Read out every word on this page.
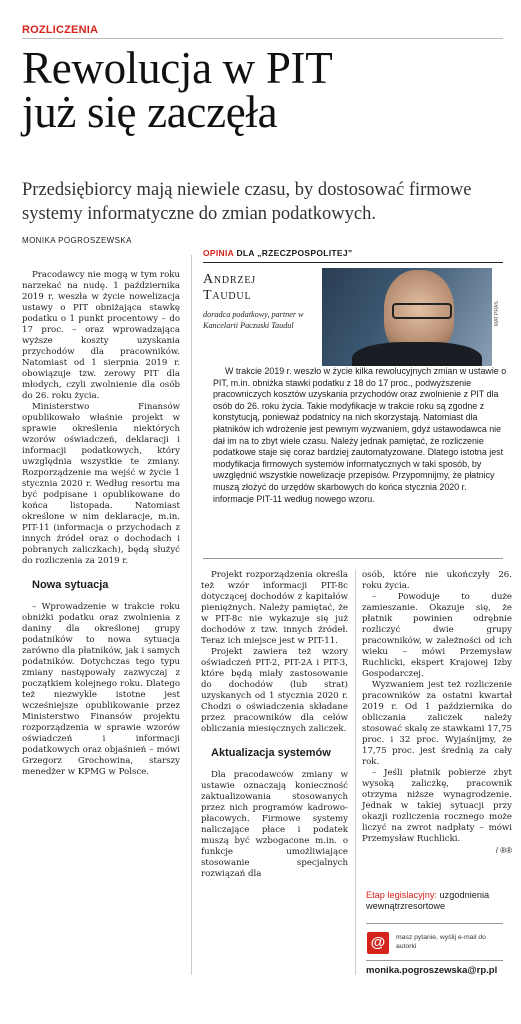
ROZLICZENIA
Rewolucja w PIT
już się zaczęła
Przedsiębiorcy mają niewiele czasu, by dostosować firmowe systemy informatyczne do zmian podatkowych.
MONIKA POGROSZEWSKA

Pracodawcy nie mogą w tym roku narzekać na nudę. 1 października 2019 r. weszła w życie nowelizacja ustawy o PIT obniżająca stawkę podatku o 1 punkt procentowy – do 17 proc. – oraz wprowadzająca wyższe koszty uzyskania przychodów dla pracowników. Natomiast od 1 sierpnia 2019 r. obowiązuje tzw. zerowy PIT dla młodych, czyli zwolnienie dla osób do 26. roku życia.

Ministerstwo Finansów opublikowało właśnie projekt w sprawie określenia niektórych wzorów oświadczeń, deklaracji i informacji podatkowych, który uwzględnia wszystkie te zmiany. Rozporządzenie ma wejść w życie 1 stycznia 2020 r. Według resortu ma być podpisane i opublikowane do końca listopada. Natomiast określone w nim deklaracje, m.in. PIT-11 (informacja o przychodach z innych źródeł oraz o dochodach i pobranych zaliczkach), będą służyć do rozliczenia za 2019 r.

Nowa sytuacja

– Wprowadzenie w trakcie roku obniżki podatku oraz zwolnienia z daniny dla określonej grupy podatników to nowa sytuacja zarówno dla płatników, jak i samych podatników. Dotychczas tego typu zmiany następowały zazwyczaj z początkiem kolejnego roku. Dlatego też niezwykle istotne jest wcześniejsze opublikowanie przez Ministerstwo Finansów projektu rozporządzenia w sprawie wzorów oświadczeń i informacji podatkowych oraz objaśnień – mówi Grzegorz Grochowina, starszy menedżer w KPMG w Polsce.

OPINIA DLA „RZECZPOSPOLITEJ”
Andrzej
Taudul
doradca podatkowy, partner w Kancelarii Paczuski Taudul	MAT.PRAS.
W trakcie 2019 r. weszło w życie kilka rewolucyjnych zmian w ustawie o PIT, m.in. obniżka stawki podatku z 18 do 17 proc., podwyższenie pracowniczych kosztów uzyskania przychodów oraz zwolnienie z PIT dla osób do 26. roku życia. Takie modyfikacje w trakcie roku są zgodne z konstytucją, ponieważ podatnicy na nich skorzystają. Natomiast dla płatników ich wdrożenie jest pewnym wyzwaniem, gdyż ustawodawca nie dał im na to zbyt wiele czasu. Należy jednak pamiętać, że rozliczenie podatkowe staje się coraz bardziej zautomatyzowane. Dlatego istotna jest modyfikacja firmowych systemów informatycznych w taki sposób, by uwzględnić wszystkie nowelizacje przepisów. Przypomnijmy, że płatnicy muszą złożyć do urzędów skarbowych do końca stycznia 2020 r. informacje PIT-11 według nowego wzoru.

Projekt rozporządzenia określa też wzór informacji PIT-8c dotyczącej dochodów z kapitałów pieniężnych. Należy pamiętać, że w PIT-8c nie wykazuje się już dochodów z tzw. innych źródeł. Teraz ich miejsce jest w PIT-11.

Projekt zawiera też wzory oświadczeń PIT-2, PIT-2A i PIT-3, które będą miały zastosowanie do dochodów (lub strat) uzyskanych od 1 stycznia 2020 r. Chodzi o oświadczenia składane przez pracowników dla celów obliczania miesięcznych zaliczek.

Aktualizacja systemów

Dla pracodawców zmiany w ustawie oznaczają konieczność zaktualizowania stosowanych przez nich programów kadrowo-płacowych. Firmowe systemy naliczające płace i podatek muszą być wzbogacone m.in. o funkcje umożliwiające stosowanie specjalnych rozwiązań dla

osób, które nie ukończyły 26. roku życia.

– Powoduje to duże zamieszanie. Okazuje się, że płatnik powinien odrębnie rozliczyć dwie grupy pracowników, w zależności od ich wieku – mówi Przemysław Ruchlicki, ekspert Krajowej Izby Gospodarczej.

Wyzwaniem jest też rozliczenie pracowników za ostatni kwartał 2019 r. Od 1 października do obliczania zaliczek należy stosować skalę ze stawkami 17,75 proc. i 32 proc. Wyjaśnijmy, że 17,75 proc. jest średnią za cały rok.

– Jeśli płatnik pobierze zbyt wysoką zaliczkę, pracownik otrzyma niższe wynagrodzenie. Jednak w takiej sytuacji przy okazji rozliczenia rocznego może liczyć na zwrot nadpłaty – mówi Przemysław Ruchlicki.

/ ®®
Etap legislacyjny: uzgodnienia wewnątrzresortowe
@	masz pytanie, wyślij e-mail do autorki
monika.pogroszewska@rp.pl
